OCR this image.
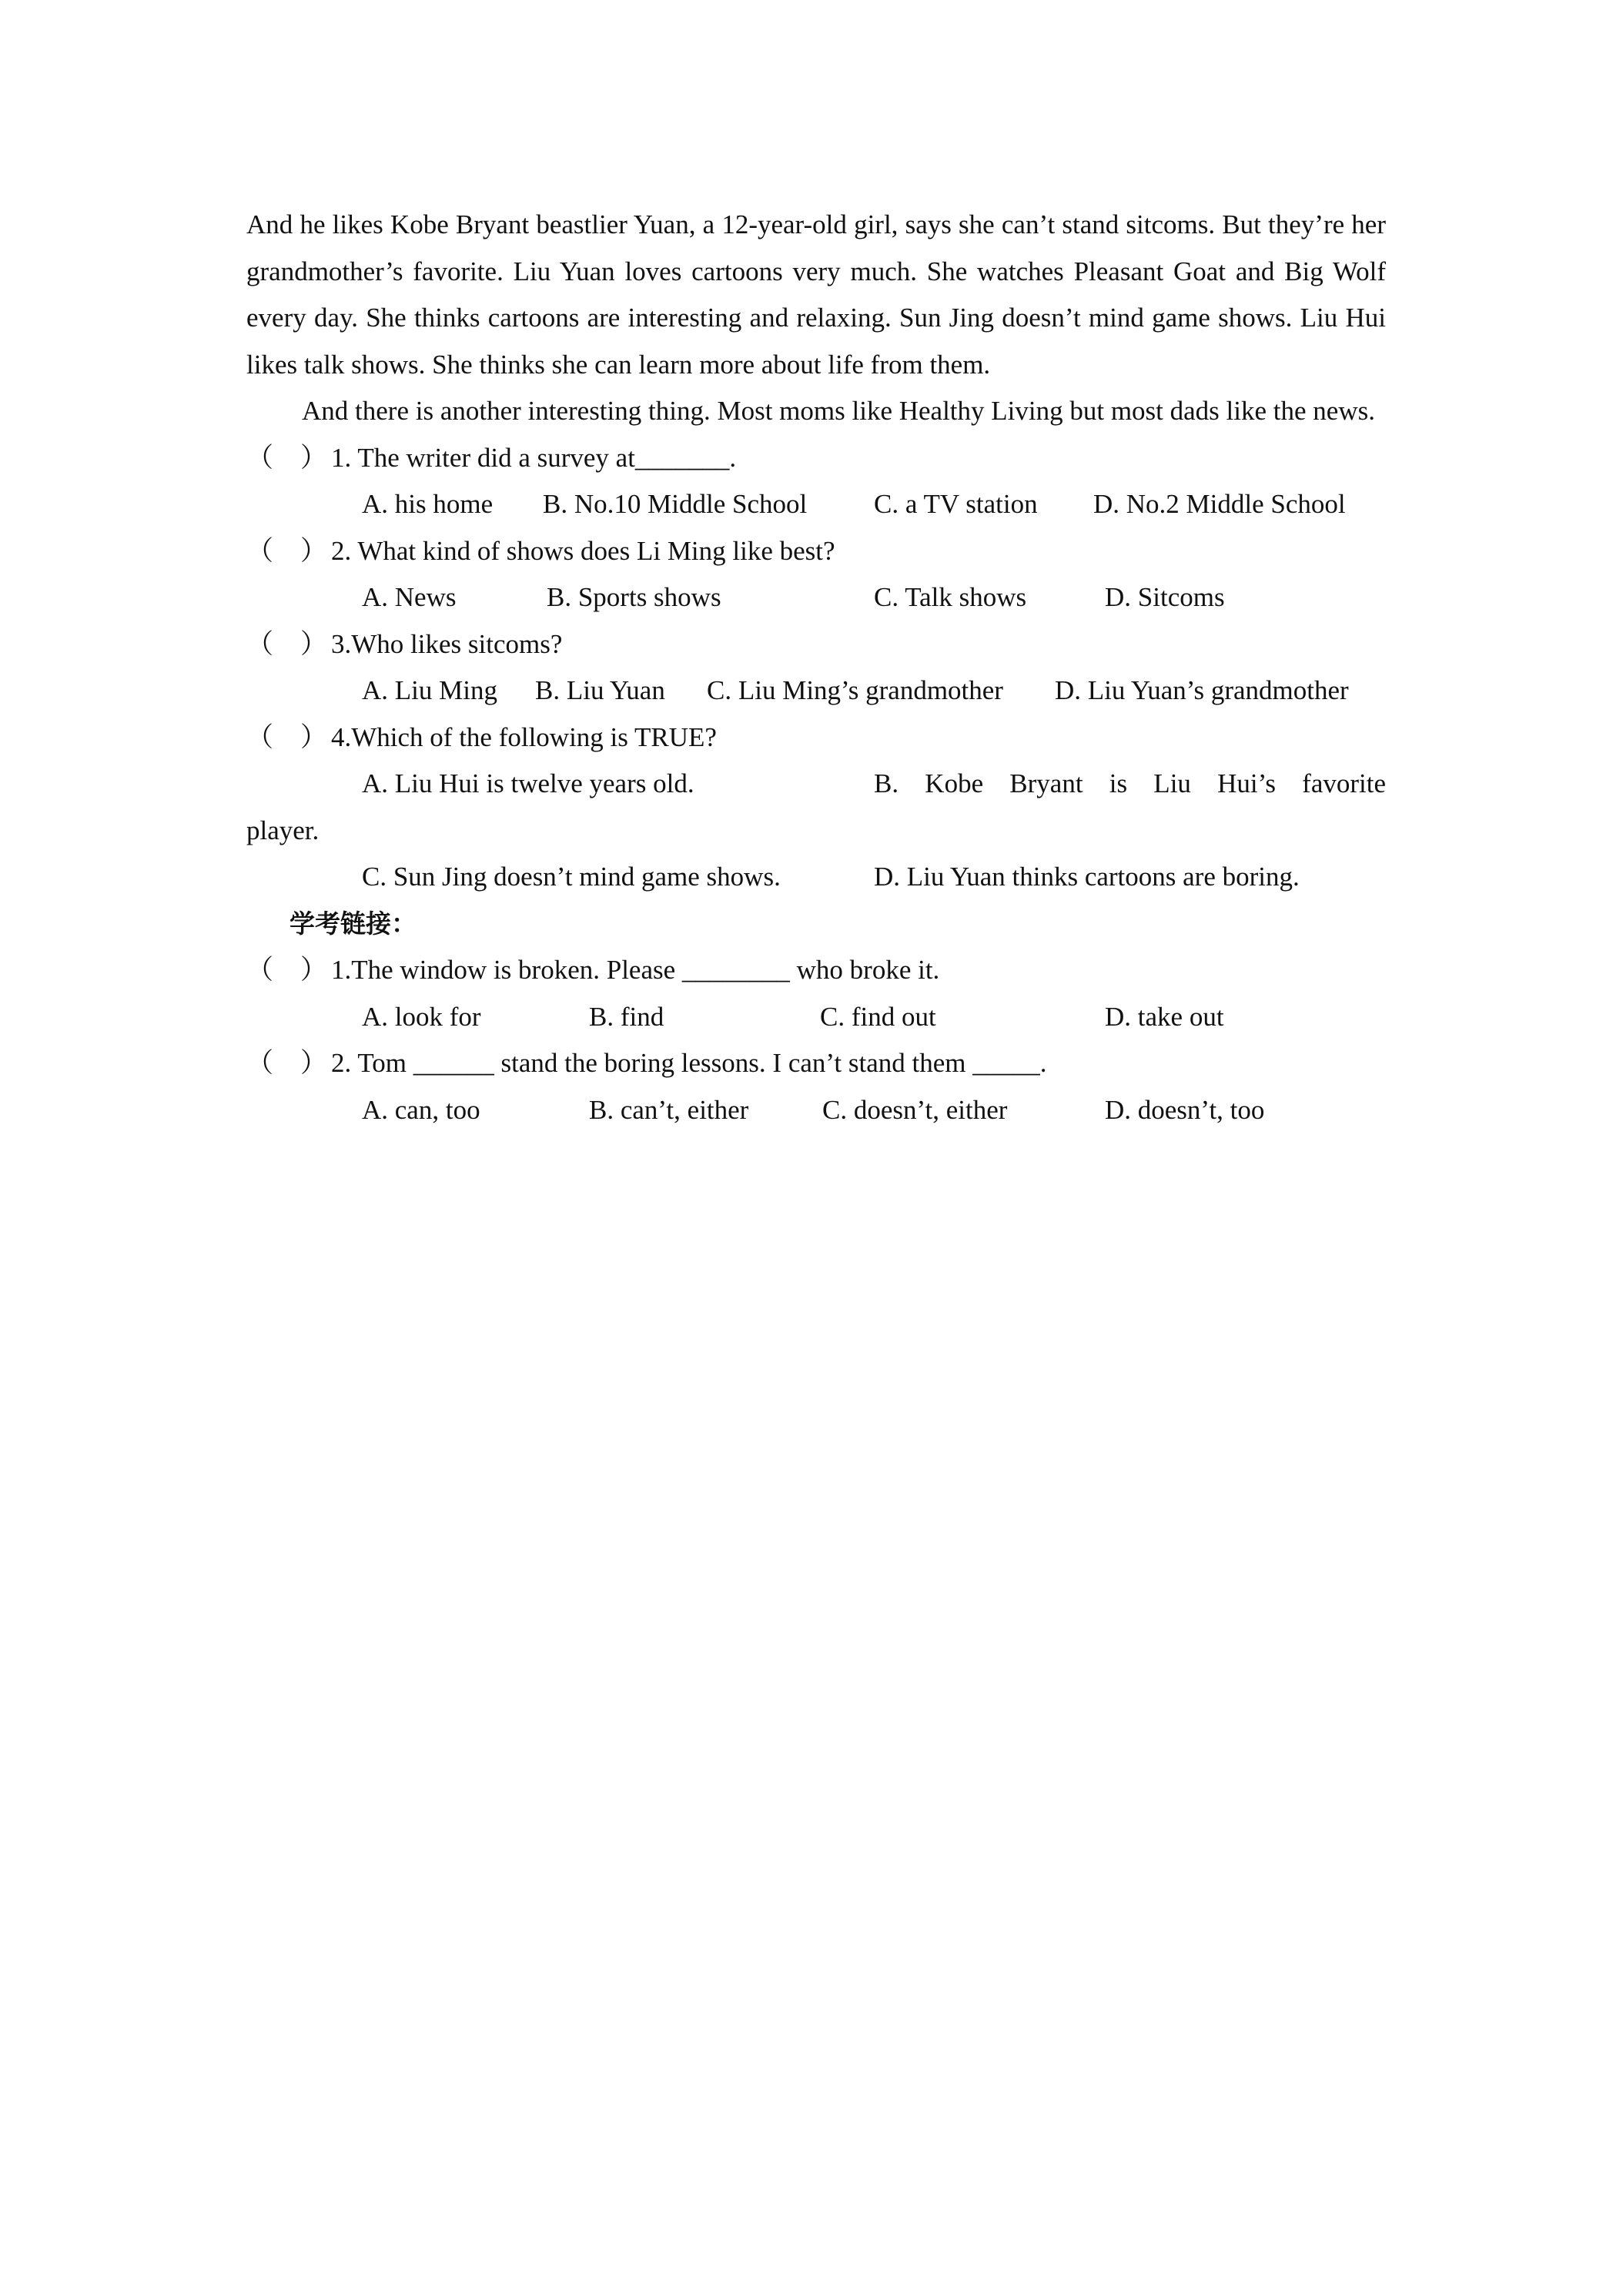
And he likes Kobe Bryant beastlier Yuan, a 12-year-old girl, says she can’t stand sitcoms. But they’re her grandmother’s favorite. Liu Yuan loves cartoons very much. She watches Pleasant Goat and Big Wolf every day. She thinks cartoons are interesting and relaxing. Sun Jing doesn’t mind game shows. Liu Hui likes talk shows. She thinks she can learn more about life from them.

And there is another interesting thing. Most moms like Healthy Living but most dads like the news.

（　） 1. The writer did a survey at_______.
A. his home B. No.10 Middle School C. a TV station D. No.2 Middle School
（　） 2. What kind of shows does Li Ming like best?
A. News	B. Sports shows	C. Talk shows	D. Sitcoms
（　） 3.Who likes sitcoms?
A. Liu Ming B. Liu Yuan C. Liu Ming’s grandmother D. Liu Yuan’s grandmother
（　） 4.Which of the following is TRUE?
A. Liu Hui is twelve years old.	B. Kobe Bryant is Liu Hui’s favorite

player.

C. Sun Jing doesn’t mind game shows.	D. Liu Yuan thinks cartoons are boring.

学考链接：

（　） 1.The window is broken. Please ________ who broke it.
A. look for	B. find	C. find out	D. take out
（　） 2. Tom ______ stand the boring lessons. I can’t stand them _____.
A. can, too	B. can’t, either	C. doesn’t, either	D. doesn’t, too
